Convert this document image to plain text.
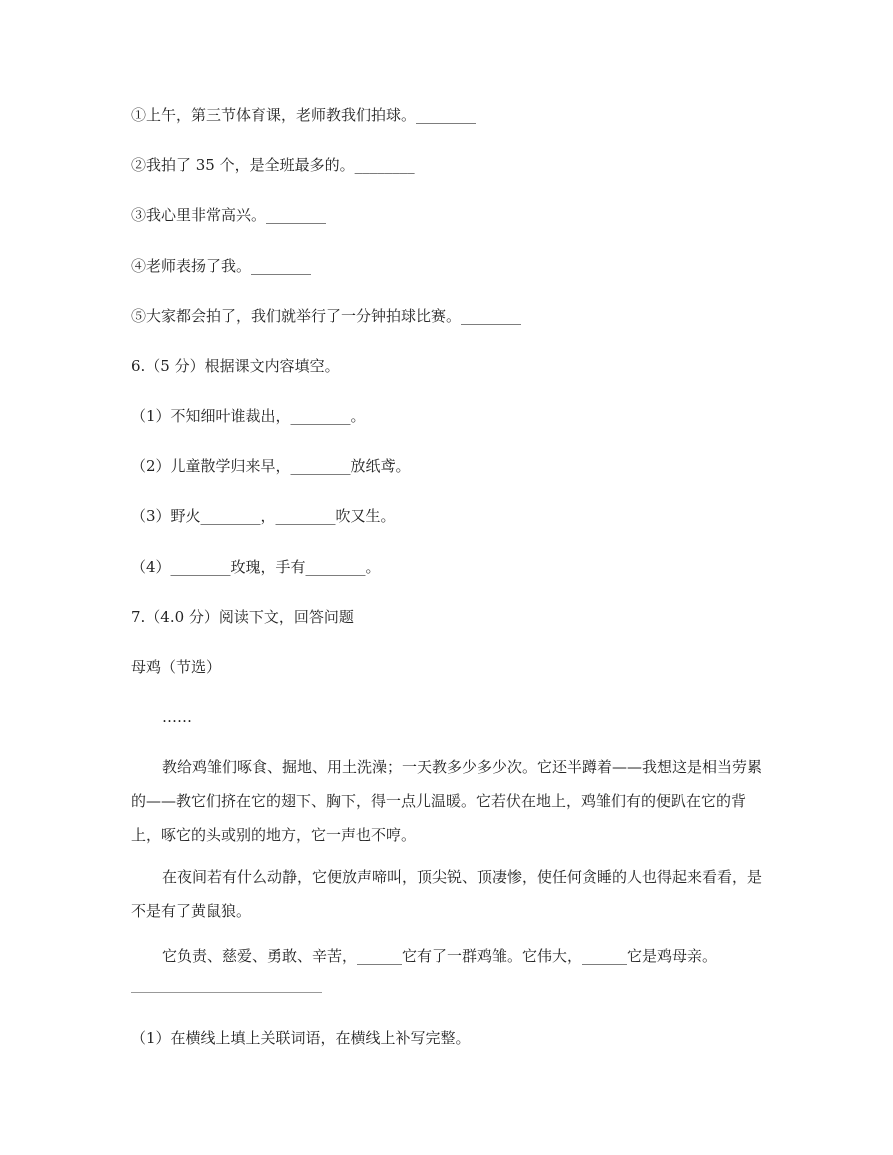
①上午，第三节体育课，老师教我们拍球。________
②我拍了 35 个，是全班最多的。________
③我心里非常高兴。________
④老师表扬了我。________
⑤大家都会拍了，我们就举行了一分钟拍球比赛。________
6.（5 分）根据课文内容填空。
（1）不知细叶谁裁出，________。
（2）儿童散学归来早，________放纸鸢。
（3）野火________，________吹又生。
（4）________玫瑰，手有________。
7.（4.0 分）阅读下文，回答问题
母鸡（节选）
……
教给鸡雏们啄食、掘地、用土洗澡；一天教多少多少次。它还半蹲着——我想这是相当劳累的——教它们挤在它的翅下、胸下，得一点儿温暖。它若伏在地上，鸡雏们有的便趴在它的背上，啄它的头或别的地方，它一声也不哼。
在夜间若有什么动静，它便放声啼叫，顶尖锐、顶凄惨，使任何贪睡的人也得起来看看，是不是有了黄鼠狼。
它负责、慈爱、勇敢、辛苦，______它有了一群鸡雏。它伟大，______它是鸡母亲。
（1）在横线上填上关联词语，在横线上补写完整。
